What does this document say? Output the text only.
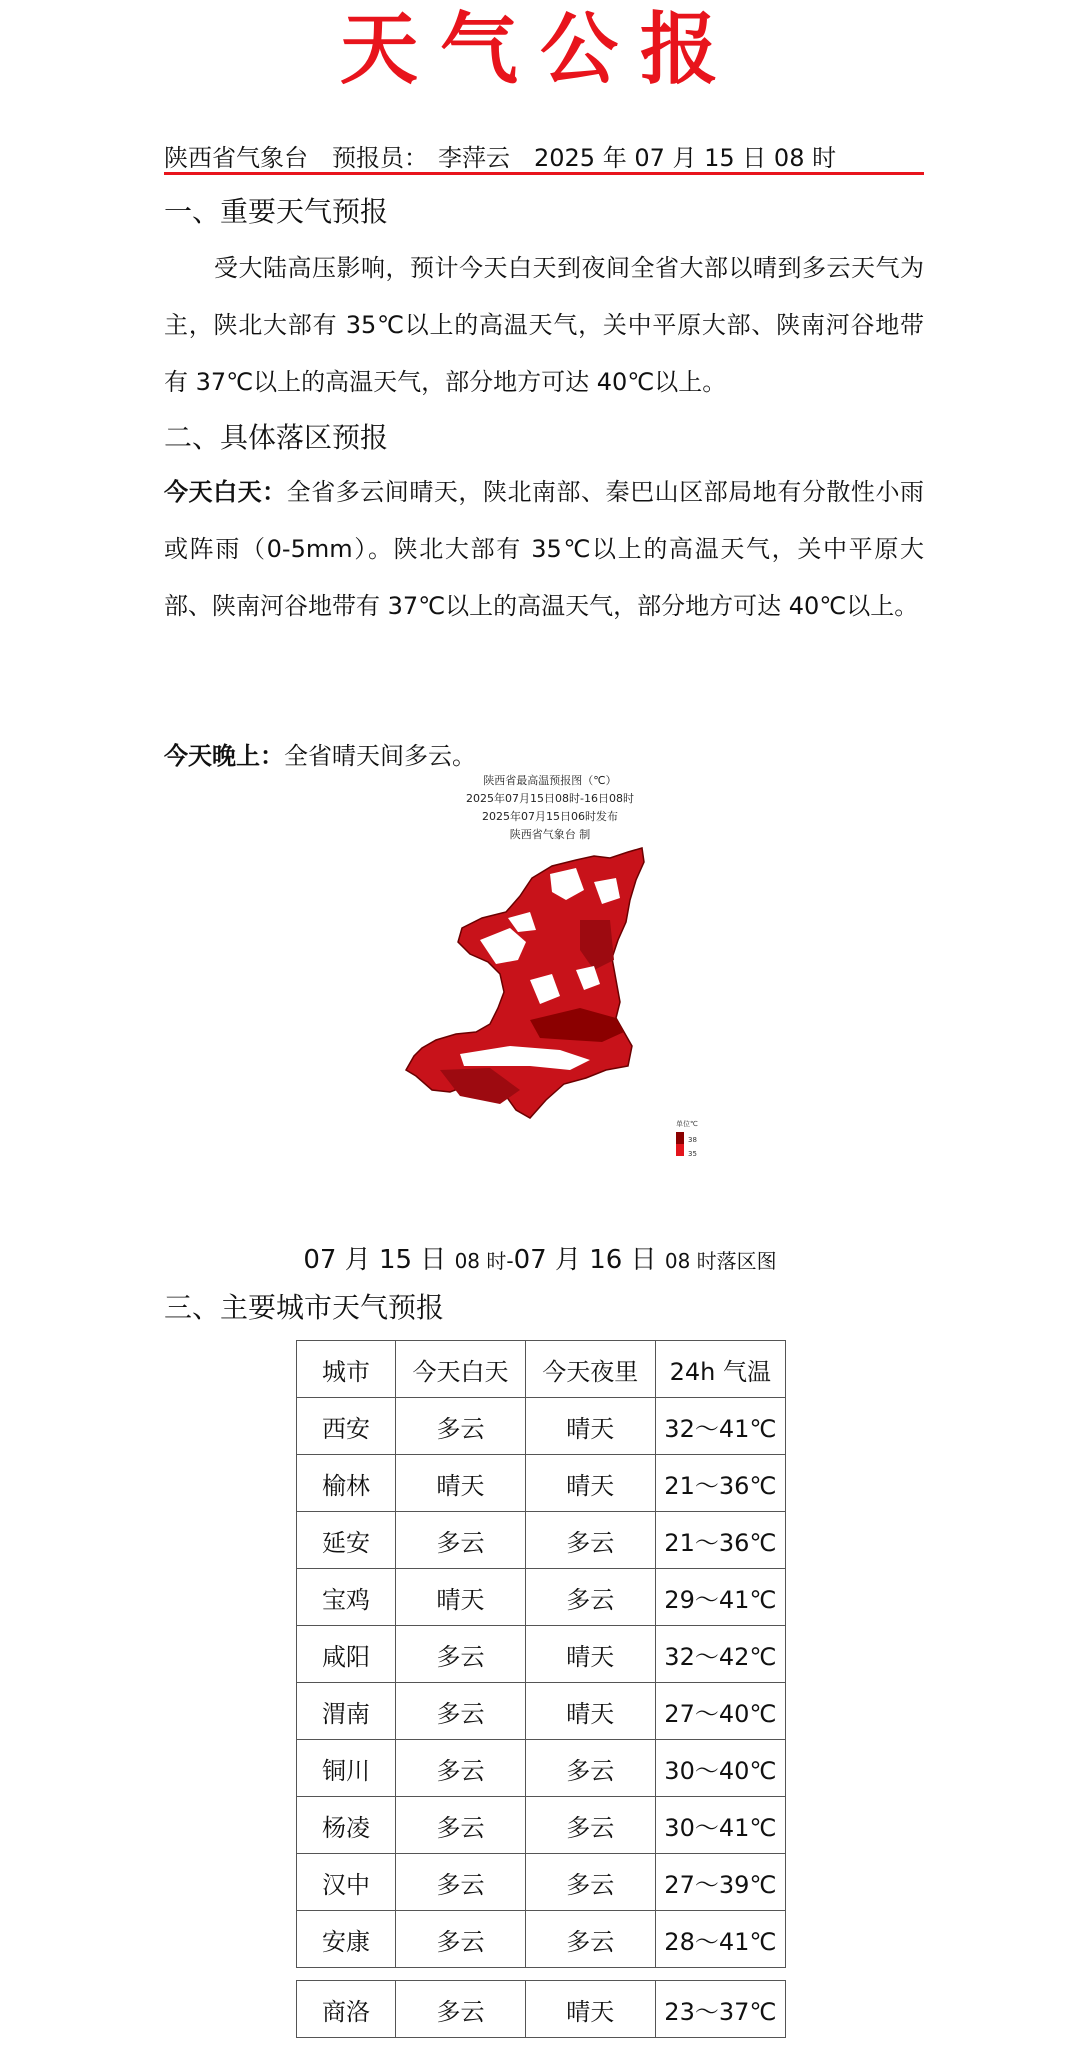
天气公报
陕西省气象台 预报员： 李萍云 2025 年 07 月 15 日 08 时
一、重要天气预报
受大陆高压影响，预计今天白天到夜间全省大部以晴到多云天气为主，陕北大部有 35℃以上的高温天气，关中平原大部、陕南河谷地带有 37℃以上的高温天气，部分地方可达 40℃以上。
二、具体落区预报
今天白天：全省多云间晴天，陕北南部、秦巴山区部局地有分散性小雨或阵雨（0-5mm）。陕北大部有 35℃以上的高温天气，关中平原大部、陕南河谷地带有 37℃以上的高温天气，部分地方可达 40℃以上。
今天晚上：全省晴天间多云。
陕西省最高温预报图（℃）
2025年07月15日08时-16日08时
2025年07月15日06时发布
陕西省气象台 制
单位℃
38
35
07 月 15 日 08 时-07 月 16 日 08 时落区图
三、主要城市天气预报
城市	今天白天	今天夜里	24h 气温
西安	多云	晴天	32～41℃
榆林	晴天	晴天	21～36℃
延安	多云	多云	21～36℃
宝鸡	晴天	多云	29～41℃
咸阳	多云	晴天	32～42℃
渭南	多云	晴天	27～40℃
铜川	多云	多云	30～40℃
杨凌	多云	多云	30～41℃
汉中	多云	多云	27～39℃
安康	多云	多云	28～41℃

商洛	多云	晴天	23～37℃
